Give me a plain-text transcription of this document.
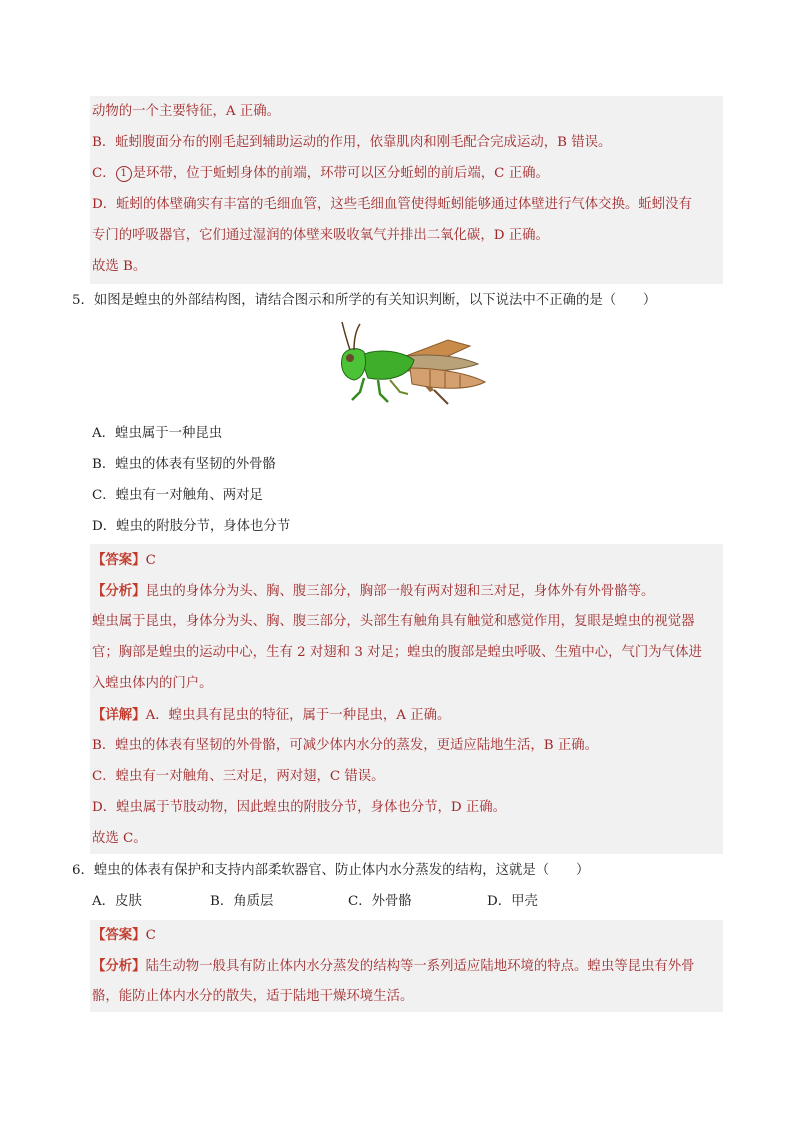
动物的一个主要特征，A 正确。
B．蚯蚓腹面分布的刚毛起到辅助运动的作用，依靠肌肉和刚毛配合完成运动，B 错误。
C． 1 是环带，位于蚯蚓身体的前端，环带可以区分蚯蚓的前后端，C 正确。
D．蚯蚓的体壁确实有丰富的毛细血管，这些毛细血管使得蚯蚓能够通过体壁进行气体交换。蚯蚓没有
专门的呼吸器官，它们通过湿润的体壁来吸收氧气并排出二氧化碳，D 正确。
故选 B。
5．如图是蝗虫的外部结构图，请结合图示和所学的有关知识判断，以下说法中不正确的是（　　）
A．蝗虫属于一种昆虫
B．蝗虫的体表有坚韧的外骨骼
C．蝗虫有一对触角、两对足
D．蝗虫的附肢分节，身体也分节
【答案】C
【分析】昆虫的身体分为头、胸、腹三部分，胸部一般有两对翅和三对足，身体外有外骨骼等。
蝗虫属于昆虫，身体分为头、胸、腹三部分，头部生有触角具有触觉和感觉作用，复眼是蝗虫的视觉器
官；胸部是蝗虫的运动中心，生有 2 对翅和 3 对足；蝗虫的腹部是蝗虫呼吸、生殖中心，气门为气体进
入蝗虫体内的门户。
【详解】A．蝗虫具有昆虫的特征，属于一种昆虫，A 正确。
B．蝗虫的体表有坚韧的外骨骼，可减少体内水分的蒸发，更适应陆地生活，B 正确。
C．蝗虫有一对触角、三对足，两对翅，C 错误。
D．蝗虫属于节肢动物，因此蝗虫的附肢分节，身体也分节，D 正确。
故选 C。
6．蝗虫的体表有保护和支持内部柔软器官、防止体内水分蒸发的结构，这就是（　　）
A．皮肤	B．角质层	C．外骨骼	D．甲壳
【答案】C
【分析】陆生动物一般具有防止体内水分蒸发的结构等一系列适应陆地环境的特点。蝗虫等昆虫有外骨
骼，能防止体内水分的散失，适于陆地干燥环境生活。
